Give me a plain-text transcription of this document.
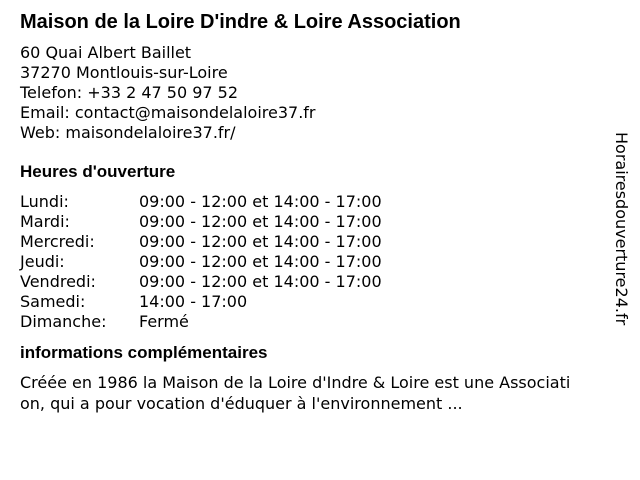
Maison de la Loire D'indre & Loire Association
60 Quai Albert Baillet
37270 Montlouis-sur-Loire
Telefon: +33 2 47 50 97 52
Email: contact@maisondelaloire37.fr
Web: maisondelaloire37.fr/
Heures d'ouverture
Lundi:	09:00 - 12:00 et 14:00 - 17:00
Mardi:	09:00 - 12:00 et 14:00 - 17:00
Mercredi:	09:00 - 12:00 et 14:00 - 17:00
Jeudi:	09:00 - 12:00 et 14:00 - 17:00
Vendredi:	09:00 - 12:00 et 14:00 - 17:00
Samedi:	14:00 - 17:00
Dimanche:	Fermé
informations complémentaires
Créée en 1986 la Maison de la Loire d'Indre & Loire est une Association, qui a pour vocation d'éduquer à l'environnement ...
Horairesdouverture24.fr
